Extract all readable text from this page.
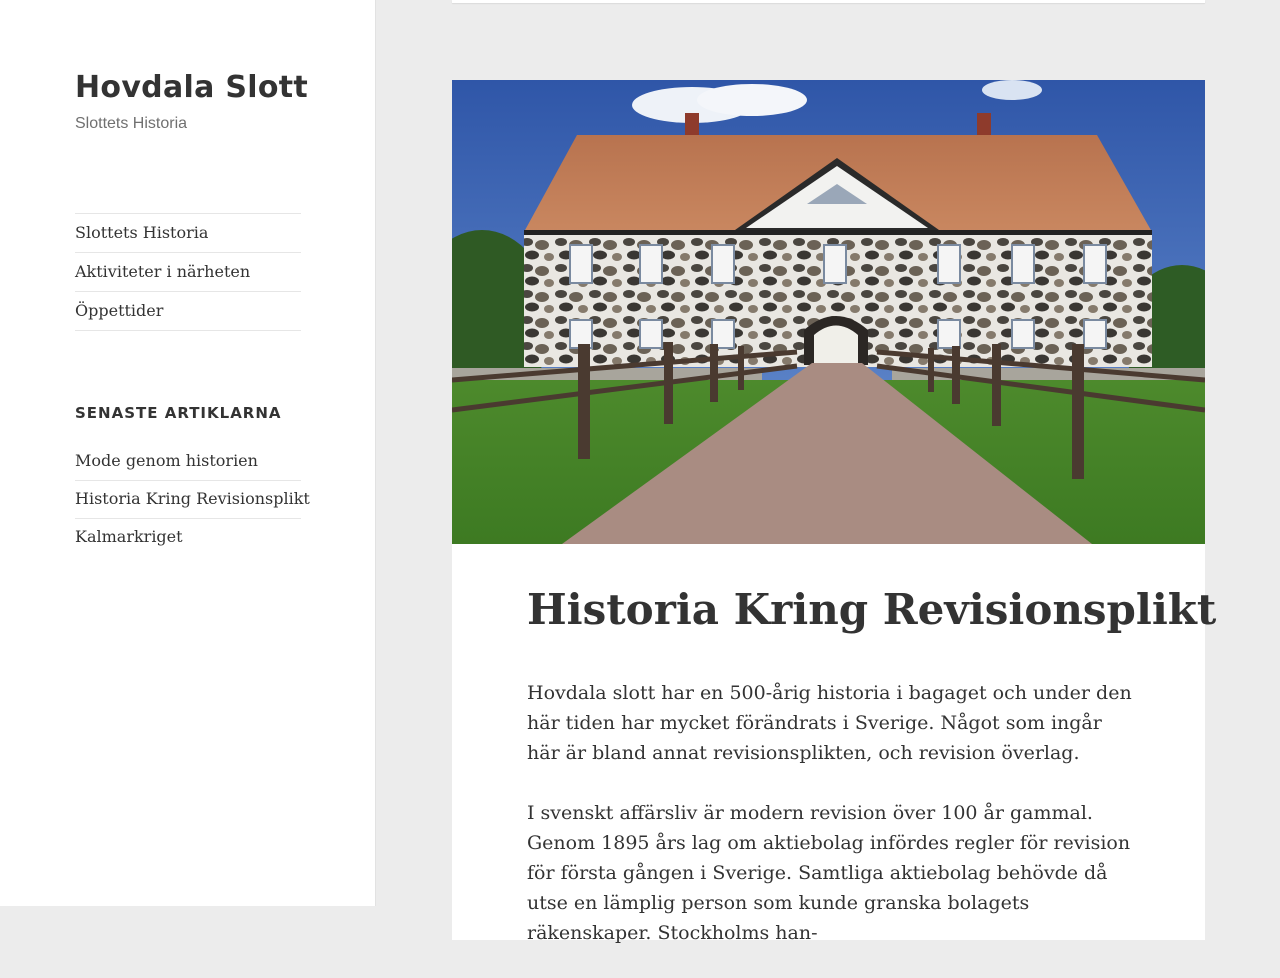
Hovdala Slott
Slottets Historia
Slottets Historia
Aktiviteter i närheten
Öppettider
SENASTE ARTIKLARNA
Mode genom historien
Historia Kring Revisionsplikt
Kalmarkriget
Historia Kring Revisionsplikt

Hovdala slott har en 500-årig historia i bagaget och under den här tiden har mycket förändrats i Sverige. Något som ingår här är bland annat revisionsplikten, och revision överlag.

I svenskt affärsliv är modern revision över 100 år gammal. Genom 1895 års lag om aktiebolag infördes regler för revision för första gången i Sverige. Samtliga aktiebolag behövde då utse en lämplig person som kunde granska bolagets räkenskaper. Stockholms han-
